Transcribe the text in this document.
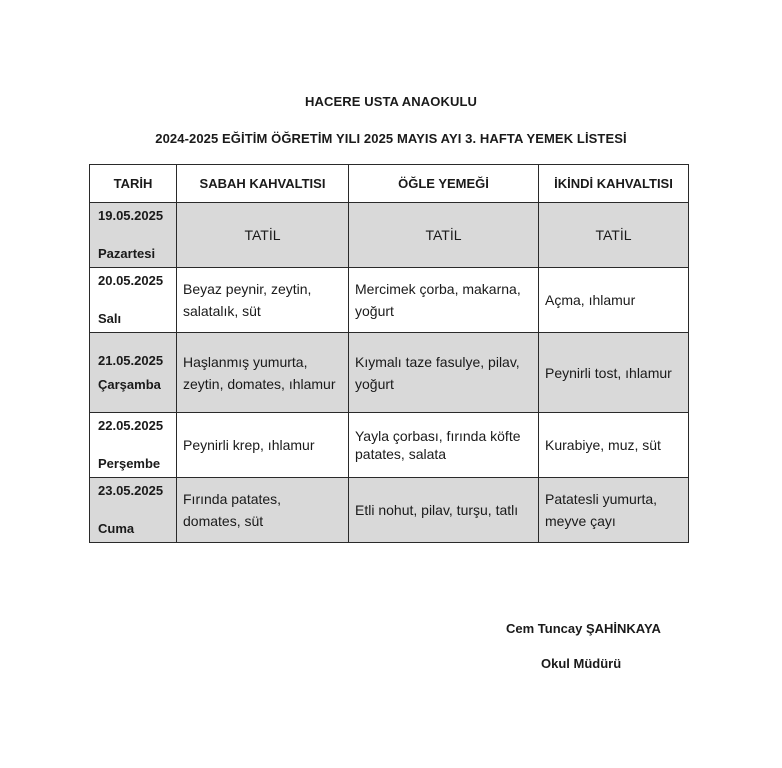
HACERE USTA ANAOKULU
2024-2025 EĞİTİM ÖĞRETİM YILI 2025 MAYIS AYI 3. HAFTA YEMEK LİSTESİ
TARİH	SABAH KAHVALTISI	ÖĞLE YEMEĞİ	İKİNDİ KAHVALTISI

19.05.2025
Pazartesi	TATİL	TATİL	TATİL

20.05.2025
Salı	Beyaz peynir, zeytin, salatalık, süt	Mercimek çorba, makarna, yoğurt	Açma, ıhlamur

21.05.2025
Çarşamba	Haşlanmış yumurta, zeytin, domates, ıhlamur	Kıymalı taze fasulye, pilav, yoğurt	Peynirli tost, ıhlamur

22.05.2025
Perşembe	Peynirli krep, ıhlamur	Yayla çorbası, fırında köfte patates, salata	Kurabiye, muz, süt

23.05.2025
Cuma	Fırında patates, domates, süt	Etli nohut, pilav, turşu, tatlı	Patatesli yumurta, meyve çayı
Cem Tuncay ŞAHİNKAYA
Okul Müdürü
